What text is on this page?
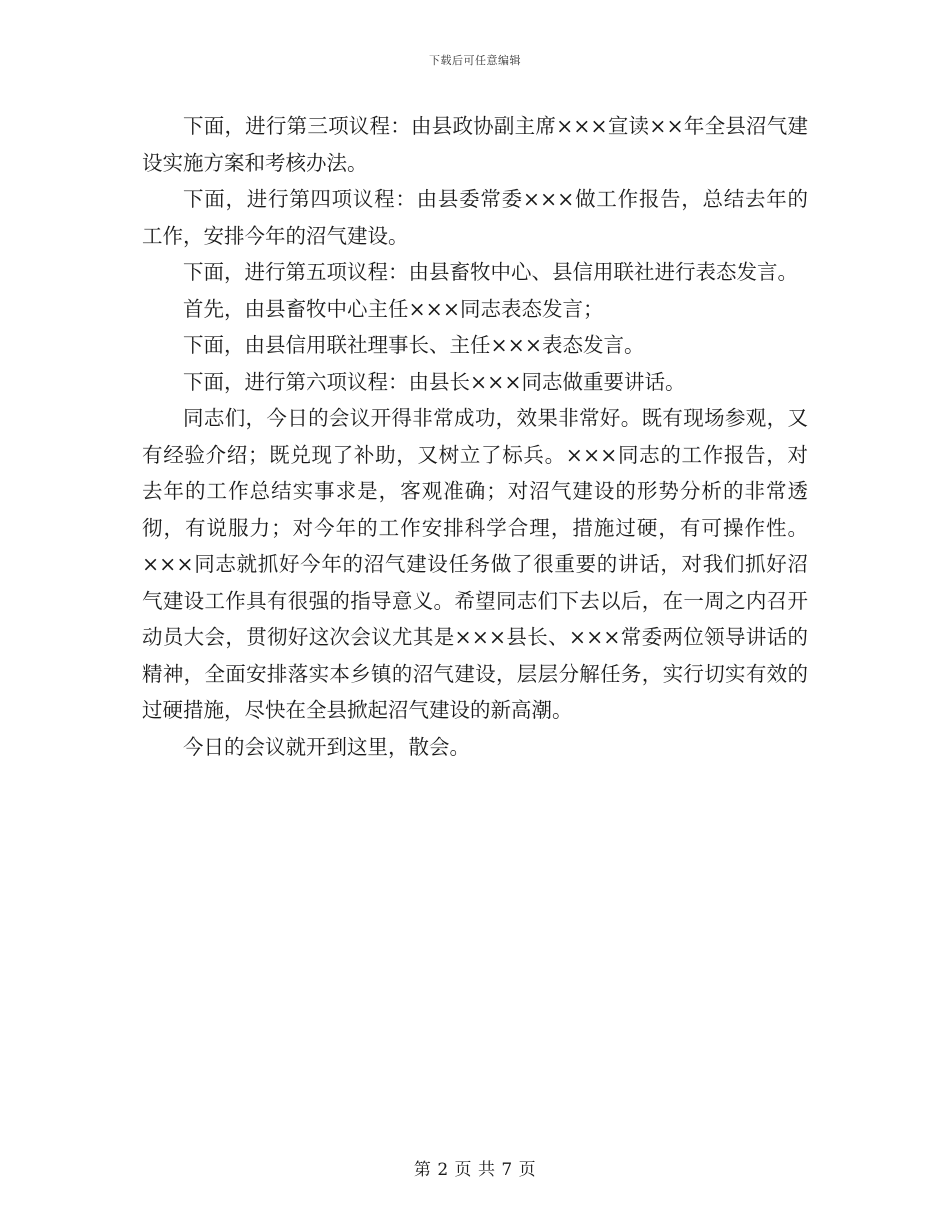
下载后可任意编辑

下面，进行第三项议程：由县政协副主席×××宣读××年全县沼气建设实施方案和考核办法。

下面，进行第四项议程：由县委常委×××做工作报告，总结去年的工作，安排今年的沼气建设。

下面，进行第五项议程：由县畜牧中心、县信用联社进行表态发言。

首先，由县畜牧中心主任×××同志表态发言；

下面，由县信用联社理事长、主任×××表态发言。

下面，进行第六项议程：由县长×××同志做重要讲话。

同志们，今日的会议开得非常成功，效果非常好。既有现场参观，又有经验介绍；既兑现了补助，又树立了标兵。×××同志的工作报告，对去年的工作总结实事求是，客观准确；对沼气建设的形势分析的非常透彻，有说服力；对今年的工作安排科学合理，措施过硬，有可操作性。×××同志就抓好今年的沼气建设任务做了很重要的讲话，对我们抓好沼气建设工作具有很强的指导意义。希望同志们下去以后，在一周之内召开动员大会，贯彻好这次会议尤其是×××县长、×××常委两位领导讲话的精神，全面安排落实本乡镇的沼气建设，层层分解任务，实行切实有效的过硬措施，尽快在全县掀起沼气建设的新高潮。

今日的会议就开到这里，散会。

第 2 页 共 7 页
